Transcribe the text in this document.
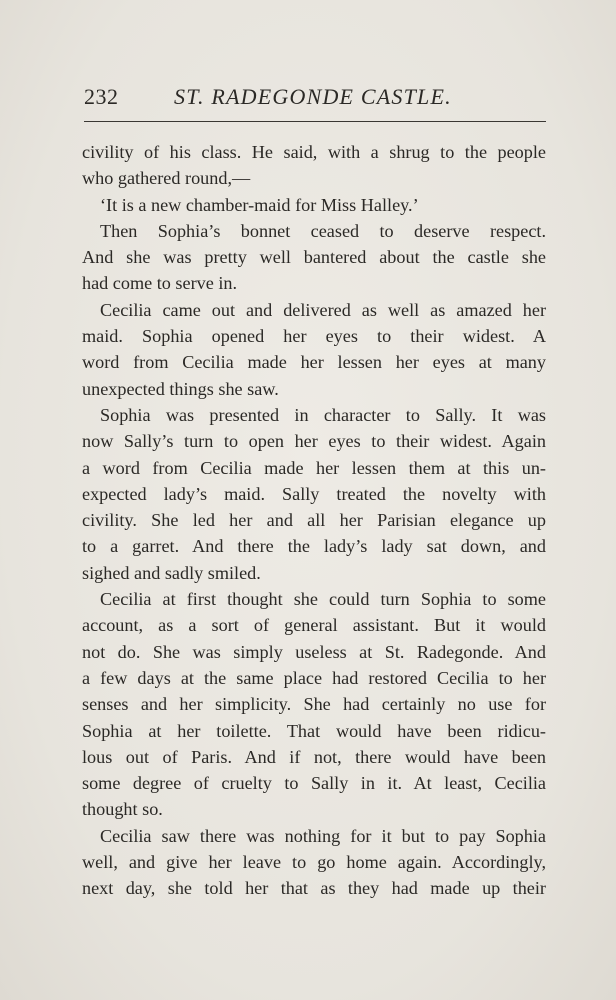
232	ST. RADEGONDE CASTLE.
civility of his class. He said, with a shrug to the people
who gathered round,—
‘It is a new chamber-maid for Miss Halley.’
Then Sophia’s bonnet ceased to deserve respect.
And she was pretty well bantered about the castle she
had come to serve in.
Cecilia came out and delivered as well as amazed her
maid. Sophia opened her eyes to their widest. A
word from Cecilia made her lessen her eyes at many
unexpected things she saw.
Sophia was presented in character to Sally. It was
now Sally’s turn to open her eyes to their widest. Again
a word from Cecilia made her lessen them at this un-
expected lady’s maid. Sally treated the novelty with
civility. She led her and all her Parisian elegance up
to a garret. And there the lady’s lady sat down, and
sighed and sadly smiled.
Cecilia at first thought she could turn Sophia to some
account, as a sort of general assistant. But it would
not do. She was simply useless at St. Radegonde. And
a few days at the same place had restored Cecilia to her
senses and her simplicity. She had certainly no use for
Sophia at her toilette. That would have been ridicu-
lous out of Paris. And if not, there would have been
some degree of cruelty to Sally in it. At least, Cecilia
thought so.
Cecilia saw there was nothing for it but to pay Sophia
well, and give her leave to go home again. Accordingly,
next day, she told her that as they had made up their
